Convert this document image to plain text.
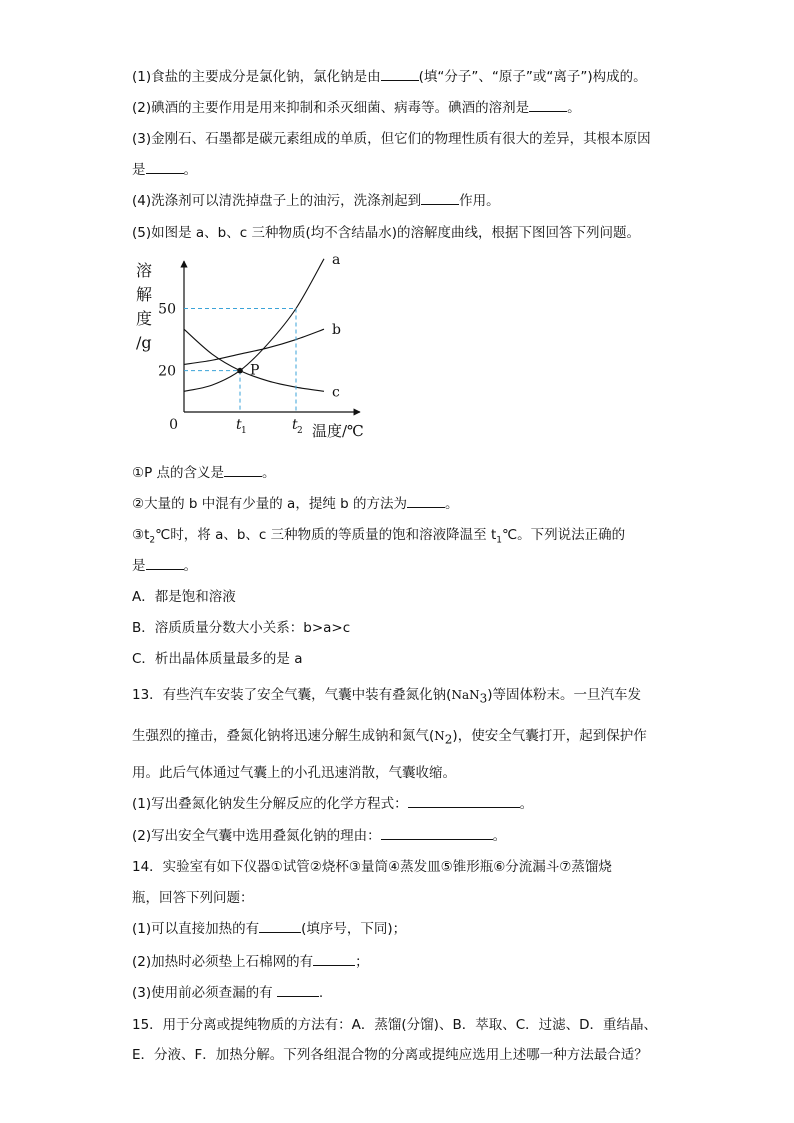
(1)食盐的主要成分是氯化钠，氯化钠是由	(填“分子”、“原子”或“离子”)构成的。
(2)碘酒的主要作用是用来抑制和杀灭细菌、病毒等。碘酒的溶剂是	。
(3)金刚石、石墨都是碳元素组成的单质，但它们的物理性质有很大的差异，其根本原因
是	。
(4)洗涤剂可以清洗掉盘子上的油污，洗涤剂起到	作用。
(5)如图是 a、b、c 三种物质(均不含结晶水)的溶解度曲线，根据下图回答下列问题。
a
b
c
P
20
50
t 1	t 2
0	温度/℃
溶
解
度
/g
①P 点的含义是	。
②大量的 b 中混有少量的 a，提纯 b 的方法为	。
$③t_2℃$时，将 a、b、c 三种物质的等质量的饱和溶液降温至 $t_1℃$。下列说法正确的
是	。
A．都是饱和溶液
B．溶质质量分数大小关系：b>a>c
C．析出晶体质量最多的是 a
13．有些汽车安装了安全气囊，气囊中装有叠氮化钠(NaN$_3$)等固体粉末。一旦汽车发
生强烈的撞击，叠氮化钠将迅速分解生成钠和氮气$(N_2)$，使安全气囊打开，起到保护作
用。此后气体通过气囊上的小孔迅速消散，气囊收缩。
(1)写出叠氮化钠发生分解反应的化学方程式：	。
(2)写出安全气囊中选用叠氮化钠的理由：	。
14．实验室有如下仪器①试管②烧杯③量筒④蒸发皿⑤锥形瓶⑥分流漏斗⑦蒸馏烧
瓶，回答下列问题：
(1)可以直接加热的有	(填序号，下同)；
(2)加热时必须垫上石棉网的有	；
(3)使用前必须查漏的有	.
15．用于分离或提纯物质的方法有：A．蒸馏(分馏)、B．萃取、C．过滤、D．重结晶、
E．分液、F．加热分解。下列各组混合物的分离或提纯应选用上述哪一种方法最合适？
